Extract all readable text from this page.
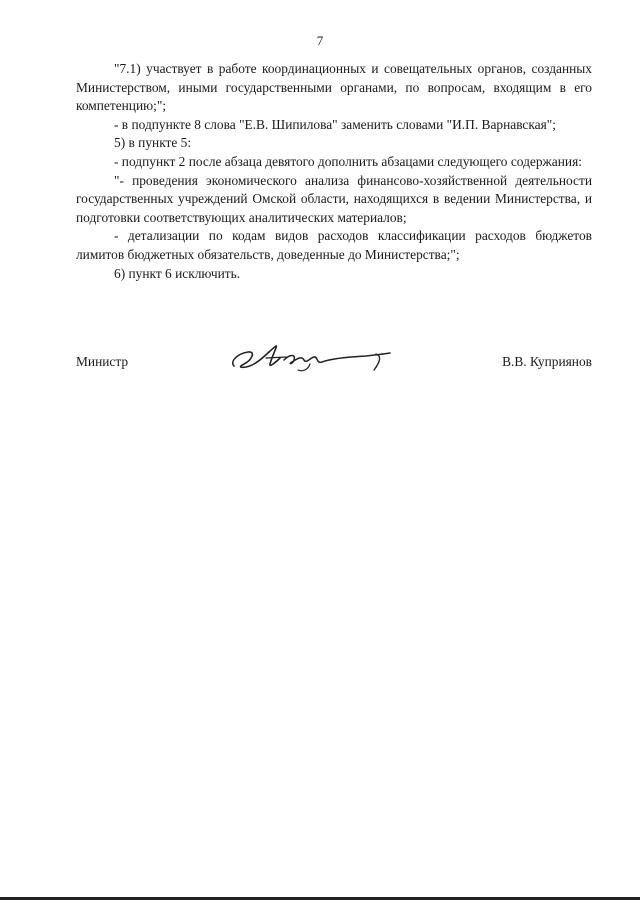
7

"7.1) участвует в работе координационных и совещательных органов, созданных Министерством, иными государственными органами, по вопросам, входящим в его компетенцию;";

- в подпункте 8 слова "Е.В. Шипилова" заменить словами "И.П. Варнавская";

5) в пункте 5:

- подпункт 2 после абзаца девятого дополнить абзацами следующего содержания:

"- проведения экономического анализа финансово-хозяйственной деятельности государственных учреждений Омской области, находящихся в ведении Министерства, и подготовки соответствующих аналитических материалов;

- детализации по кодам видов расходов классификации расходов бюджетов лимитов бюджетных обязательств, доведенные до Министерства;";

6) пункт 6 исключить.

Министр	В.В. Куприянов
